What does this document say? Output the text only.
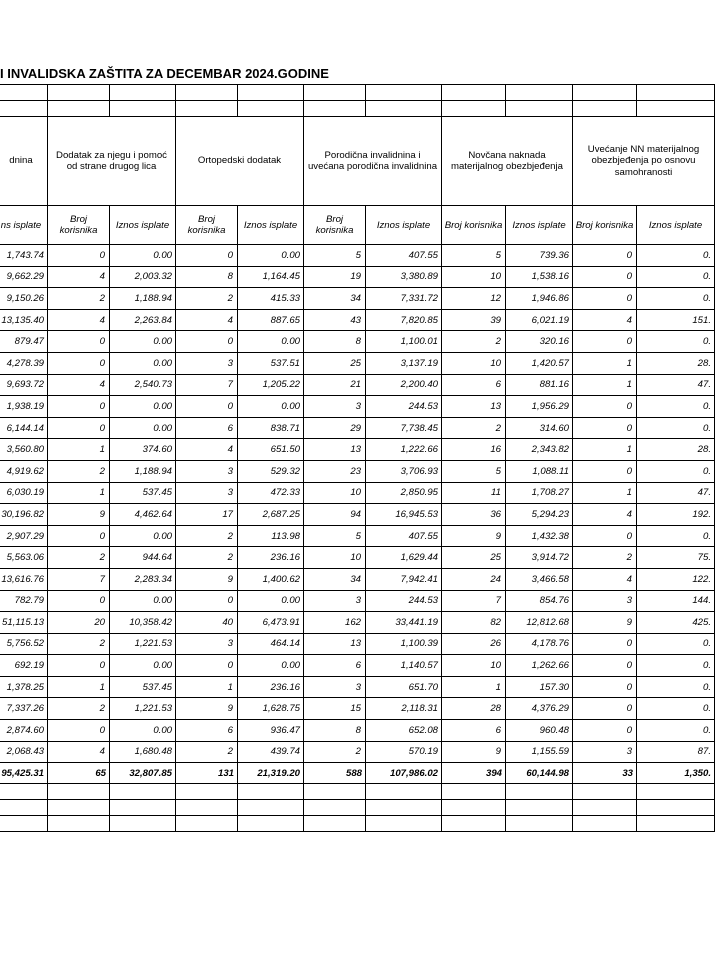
I INVALIDSKA ZAŠTITA ZA DECEMBAR 2024.GODINE

dnina	Dodatak za njegu i pomoć od strane drugog lica		Ortopedski dodatak		Porodična invalidnina i uvećana porodična invalidnina		Novčana naknada materijalnog obezbjeđenja		Uvećanje NN materijalnog obezbjeđenja po osnovu samohranosti	
ns isplate	Broj korisnika	Iznos isplate	Broj korisnika	Iznos isplate	Broj korisnika	Iznos isplate	Broj korisnika	Iznos isplate	Broj korisnika	Iznos isplate
1,743.74	0	0.00	0	0.00	5	407.55	5	739.36	0	0.
9,662.29	4	2,003.32	8	1,164.45	19	3,380.89	10	1,538.16	0	0.
9,150.26	2	1,188.94	2	415.33	34	7,331.72	12	1,946.86	0	0.
13,135.40	4	2,263.84	4	887.65	43	7,820.85	39	6,021.19	4	151.
879.47	0	0.00	0	0.00	8	1,100.01	2	320.16	0	0.
4,278.39	0	0.00	3	537.51	25	3,137.19	10	1,420.57	1	28.
9,693.72	4	2,540.73	7	1,205.22	21	2,200.40	6	881.16	1	47.
1,938.19	0	0.00	0	0.00	3	244.53	13	1,956.29	0	0.
6,144.14	0	0.00	6	838.71	29	7,738.45	2	314.60	0	0.
3,560.80	1	374.60	4	651.50	13	1,222.66	16	2,343.82	1	28.
4,919.62	2	1,188.94	3	529.32	23	3,706.93	5	1,088.11	0	0.
6,030.19	1	537.45	3	472.33	10	2,850.95	11	1,708.27	1	47.
30,196.82	9	4,462.64	17	2,687.25	94	16,945.53	36	5,294.23	4	192.
2,907.29	0	0.00	2	113.98	5	407.55	9	1,432.38	0	0.
5,563.06	2	944.64	2	236.16	10	1,629.44	25	3,914.72	2	75.
13,616.76	7	2,283.34	9	1,400.62	34	7,942.41	24	3,466.58	4	122.
782.79	0	0.00	0	0.00	3	244.53	7	854.76	3	144.
51,115.13	20	10,358.42	40	6,473.91	162	33,441.19	82	12,812.68	9	425.
5,756.52	2	1,221.53	3	464.14	13	1,100.39	26	4,178.76	0	0.
692.19	0	0.00	0	0.00	6	1,140.57	10	1,262.66	0	0.
1,378.25	1	537.45	1	236.16	3	651.70	1	157.30	0	0.
7,337.26	2	1,221.53	9	1,628.75	15	2,118.31	28	4,376.29	0	0.
2,874.60	0	0.00	6	936.47	8	652.08	6	960.48	0	0.
2,068.43	4	1,680.48	2	439.74	2	570.19	9	1,155.59	3	87.
95,425.31	65	32,807.85	131	21,319.20	588	107,986.02	394	60,144.98	33	1,350.
